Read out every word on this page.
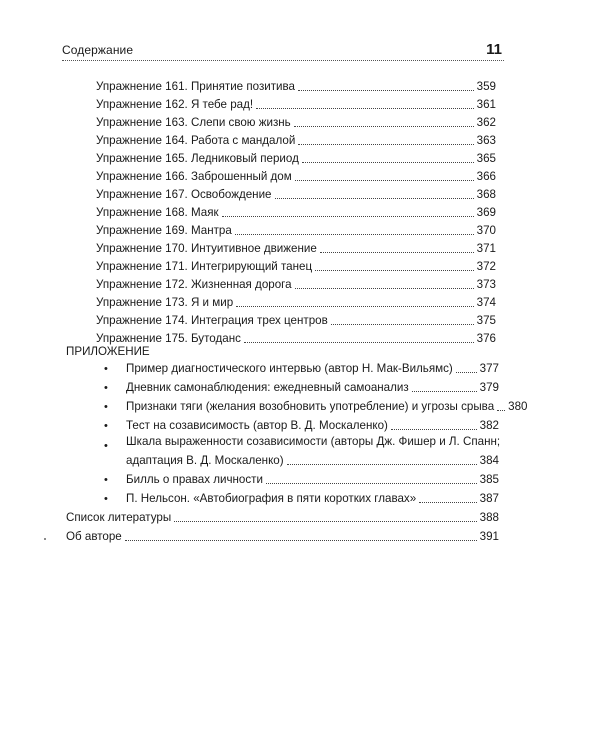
Содержание	11
Упражнение 161. Принятие позитива	359
Упражнение 162. Я тебе рад!	361
Упражнение 163. Слепи свою жизнь	362
Упражнение 164. Работа с мандалой	363
Упражнение 165. Ледниковый период	365
Упражнение 166. Заброшенный дом	366
Упражнение 167. Освобождение	368
Упражнение 168. Маяк	369
Упражнение 169. Мантра	370
Упражнение 170. Интуитивное движение	371
Упражнение 171. Интегрирующий танец	372
Упражнение 172. Жизненная дорога	373
Упражнение 173. Я и мир	374
Упражнение 174. Интеграция трех центров	375
Упражнение 175. Бутоданс	376
ПРИЛОЖЕНИЕ
• Пример диагностического интервью (автор Н. Мак-Вильямс) 377
• Дневник самонаблюдения: ежедневный самоанализ	379
• Признаки тяги (желания возобновить употребление) и угрозы срыва 380
• Тест на созависимость (автор В. Д. Москаленко)	382
• Шкала выраженности созависимости (авторы Дж. Фишер и Л. Спанн;
адаптация В. Д. Москаленко)	384
• Билль о правах личности	385
• П. Нельсон. «Автобиография в пяти коротких главах»	387
Список литературы	388
Об авторе	391
